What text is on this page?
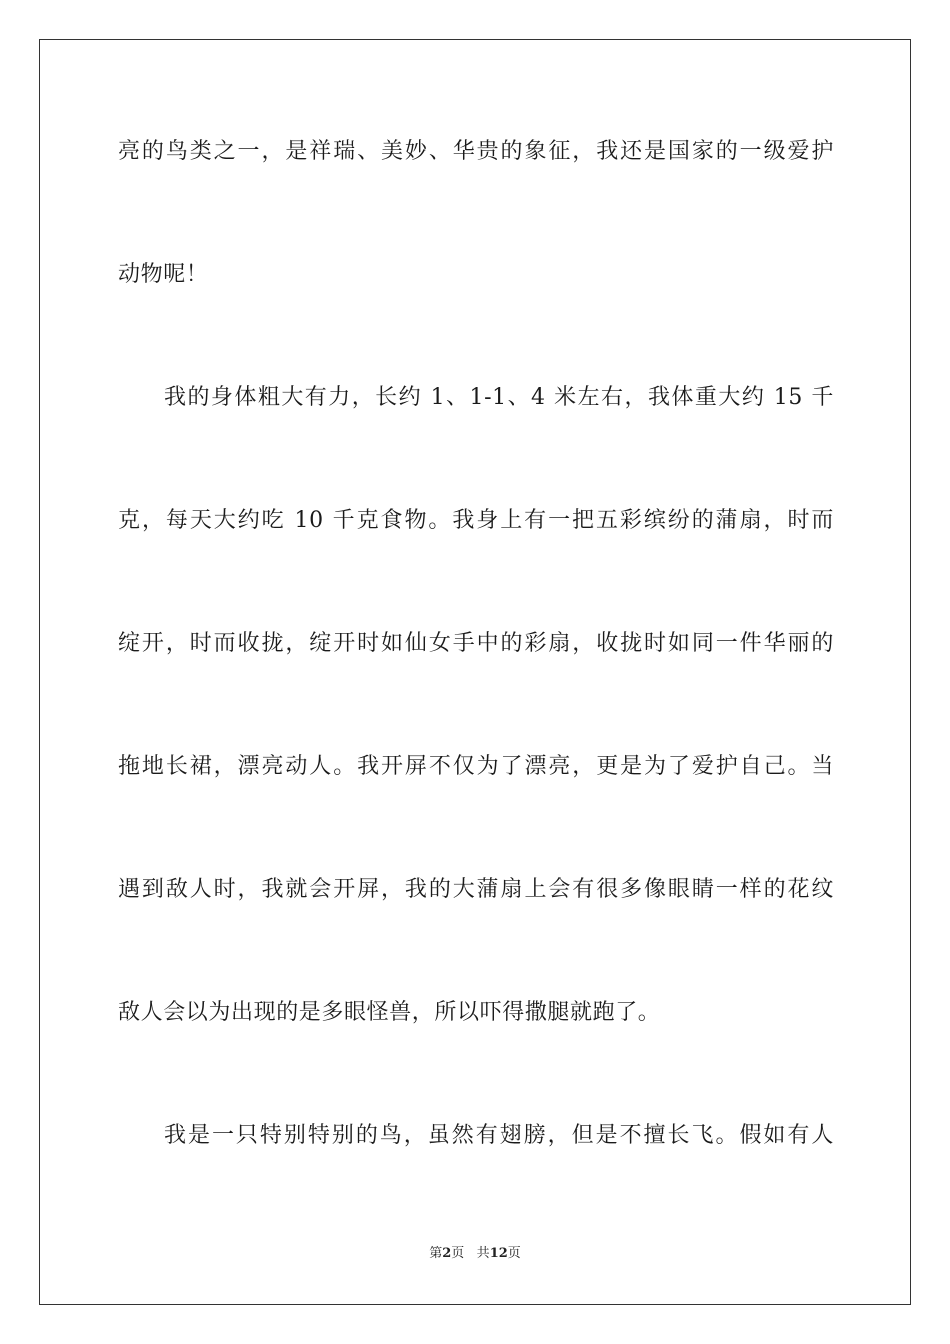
亮的鸟类之一，是祥瑞、美妙、华贵的象征，我还是国家的一级爱护
动物呢！
我的身体粗大有力，长约 1、1-1、4 米左右，我体重大约 15 千
克，每天大约吃 10 千克食物。我身上有一把五彩缤纷的蒲扇，时而
绽开，时而收拢，绽开时如仙女手中的彩扇，收拢时如同一件华丽的
拖地长裙，漂亮动人。我开屏不仅为了漂亮，更是为了爱护自己。当
遇到敌人时，我就会开屏，我的大蒲扇上会有很多像眼睛一样的花纹
敌人会以为出现的是多眼怪兽，所以吓得撒腿就跑了。
我是一只特别特别的鸟，虽然有翅膀，但是不擅长飞。假如有人
第2页 共12页
